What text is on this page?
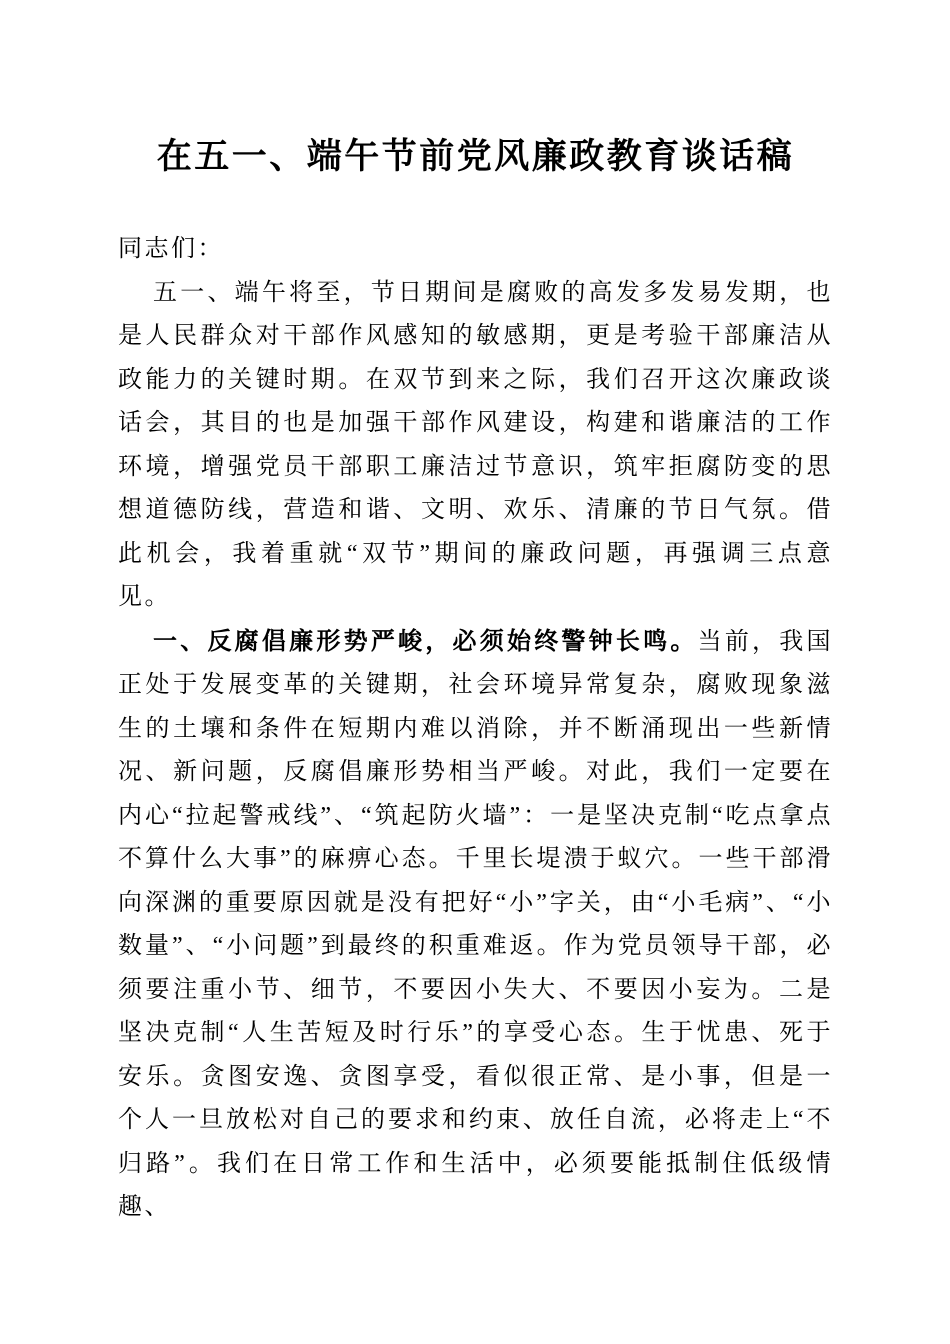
在五一、端午节前党风廉政教育谈话稿

同志们：

五一、端午将至，节日期间是腐败的高发多发易发期，也是人民群众对干部作风感知的敏感期，更是考验干部廉洁从政能力的关键时期。在双节到来之际，我们召开这次廉政谈话会，其目的也是加强干部作风建设，构建和谐廉洁的工作环境，增强党员干部职工廉洁过节意识，筑牢拒腐防变的思想道德防线，营造和谐、文明、欢乐、清廉的节日气氛。借此机会，我着重就“双节”期间的廉政问题，再强调三点意见。

一、反腐倡廉形势严峻，必须始终警钟长鸣。当前，我国正处于发展变革的关键期，社会环境异常复杂，腐败现象滋生的土壤和条件在短期内难以消除，并不断涌现出一些新情况、新问题，反腐倡廉形势相当严峻。对此，我们一定要在内心“拉起警戒线”、“筑起防火墙”：一是坚决克制“吃点拿点不算什么大事”的麻痹心态。千里长堤溃于蚁穴。一些干部滑向深渊的重要原因就是没有把好“小”字关，由“小毛病”、“小数量”、“小问题”到最终的积重难返。作为党员领导干部，必须要注重小节、细节，不要因小失大、不要因小妄为。二是坚决克制“人生苦短及时行乐”的享受心态。生于忧患、死于安乐。贪图安逸、贪图享受，看似很正常、是小事，但是一个人一旦放松对自己的要求和约束、放任自流，必将走上“不归路”。我们在日常工作和生活中，必须要能抵制住低级情趣、
